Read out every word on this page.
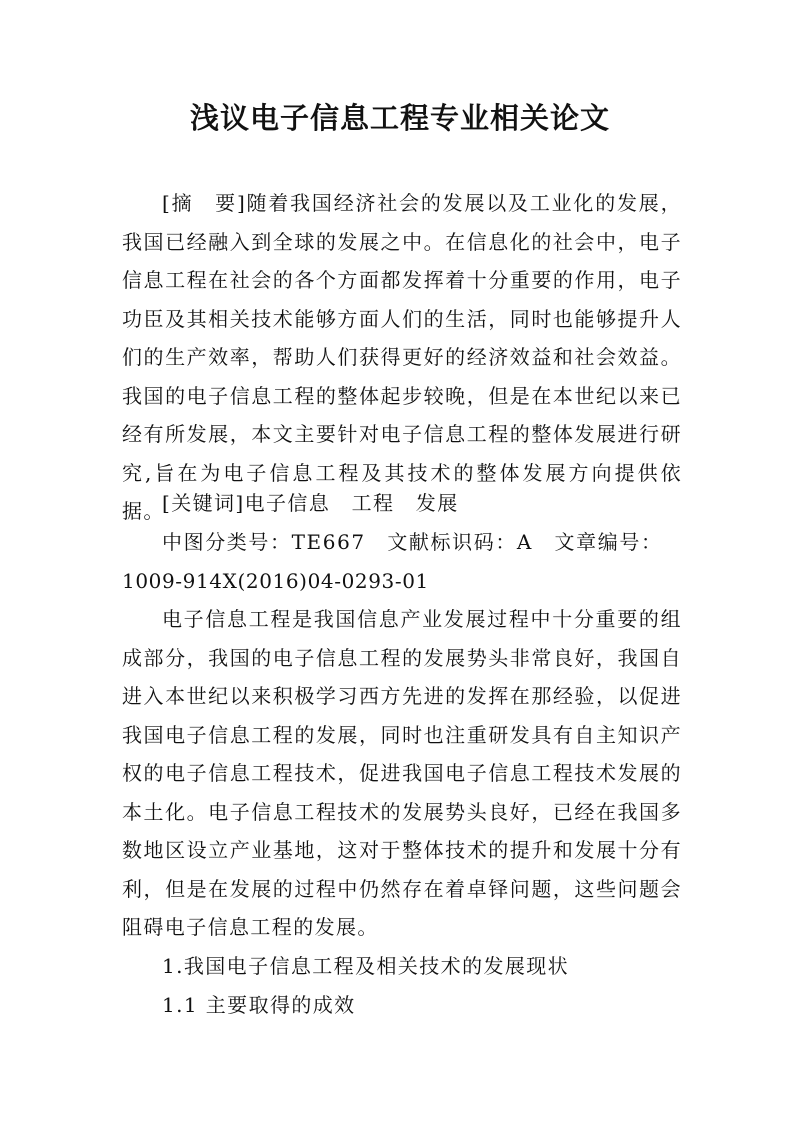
浅议电子信息工程专业相关论文

[摘　要]随着我国经济社会的发展以及工业化的发展，我国已经融入到全球的发展之中。在信息化的社会中，电子信息工程在社会的各个方面都发挥着十分重要的作用，电子功臣及其相关技术能够方面人们的生活，同时也能够提升人们的生产效率，帮助人们获得更好的经济效益和社会效益。我国的电子信息工程的整体起步较晚，但是在本世纪以来已经有所发展，本文主要针对电子信息工程的整体发展进行研究,旨在为电子信息工程及其技术的整体发展方向提供依据。

[关键词]电子信息　工程　发展

中图分类号：TE667　文献标识码：A　文章编号：
1009-914X(2016)04-0293-01

电子信息工程是我国信息产业发展过程中十分重要的组成部分，我国的电子信息工程的发展势头非常良好，我国自进入本世纪以来积极学习西方先进的发挥在那经验，以促进我国电子信息工程的发展，同时也注重研发具有自主知识产权的电子信息工程技术，促进我国电子信息工程技术发展的本土化。电子信息工程技术的发展势头良好，已经在我国多数地区设立产业基地，这对于整体技术的提升和发展十分有利，但是在发展的过程中仍然存在着卓铎问题，这些问题会阻碍电子信息工程的发展。

1.我国电子信息工程及相关技术的发展现状

1.1 主要取得的成效
